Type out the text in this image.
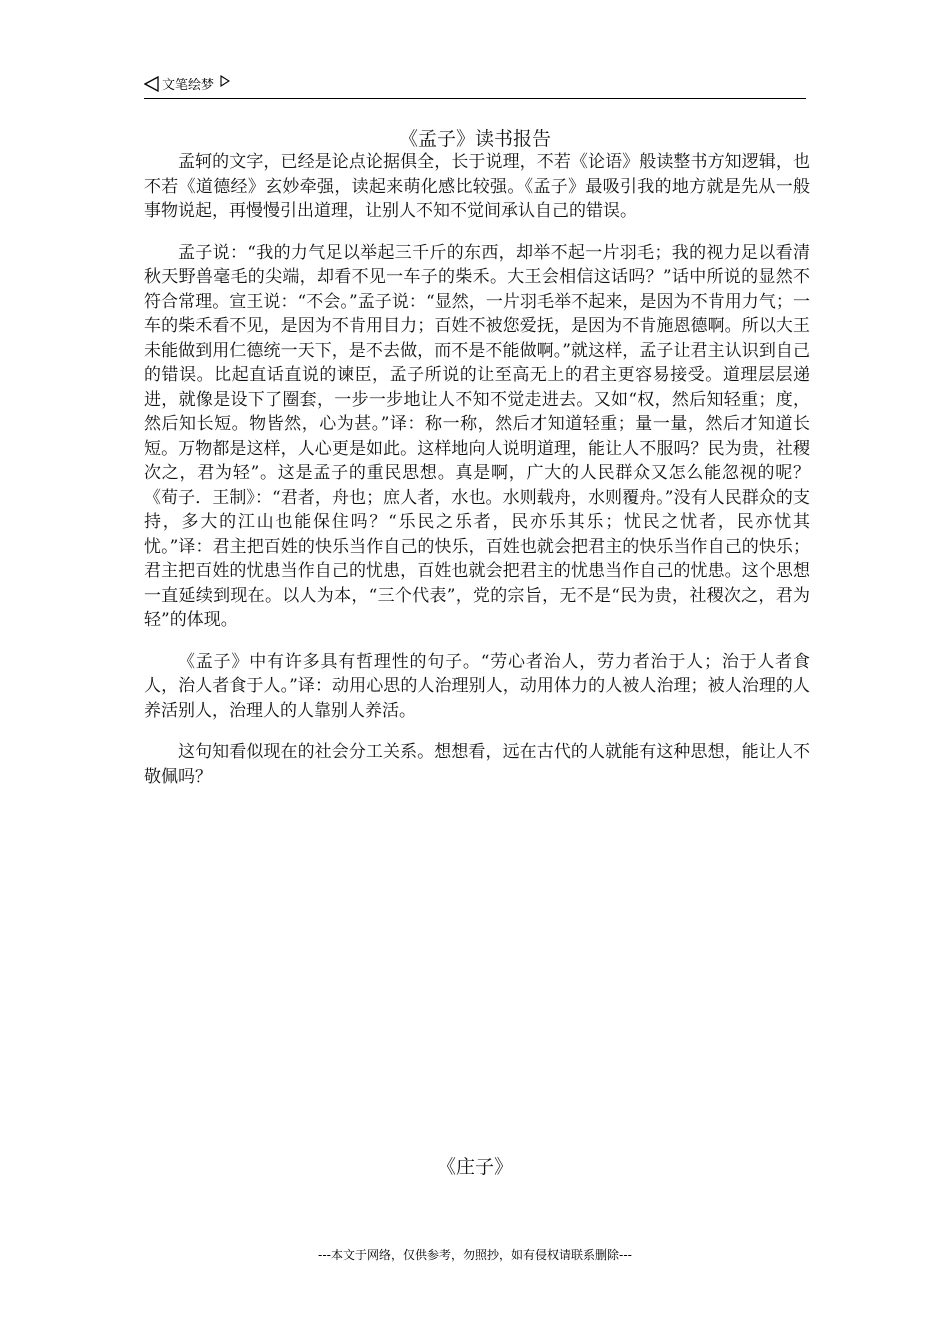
文笔绘梦
《孟子》读书报告

孟轲的文字，已经是论点论据俱全，长于说理，不若《论语》般读整书方知逻辑，也不若《道德经》玄妙牵强，读起来萌化感比较强。《孟子》最吸引我的地方就是先从一般事物说起，再慢慢引出道理，让别人不知不觉间承认自己的错误。

孟子说：“我的力气足以举起三千斤的东西，却举不起一片羽毛；我的视力足以看清秋天野兽毫毛的尖端，却看不见一车子的柴禾。大王会相信这话吗？”话中所说的显然不符合常理。宣王说：“不会。”孟子说：“显然，一片羽毛举不起来，是因为不肯用力气；一车的柴禾看不见，是因为不肯用目力；百姓不被您爱抚，是因为不肯施恩德啊。所以大王未能做到用仁德统一天下，是不去做，而不是不能做啊。”就这样，孟子让君主认识到自己的错误。比起直话直说的谏臣，孟子所说的让至高无上的君主更容易接受。道理层层递进，就像是设下了圈套，一步一步地让人不知不觉走进去。又如“权，然后知轻重；度，然后知长短。物皆然，心为甚。”译：称一称，然后才知道轻重；量一量，然后才知道长短。万物都是这样，人心更是如此。这样地向人说明道理，能让人不服吗？民为贵，社稷次之，君为轻”。这是孟子的重民思想。真是啊，广大的人民群众又怎么能忽视的呢？《荀子．王制》：“君者，舟也；庶人者，水也。水则载舟，水则覆舟。”没有人民群众的支持，多大的江山也能保住吗？“乐民之乐者，民亦乐其乐；忧民之忧者，民亦忧其忧。”译：君主把百姓的快乐当作自己的快乐，百姓也就会把君主的快乐当作自己的快乐；君主把百姓的忧患当作自己的忧患，百姓也就会把君主的忧患当作自己的忧患。这个思想一直延续到现在。以人为本，“三个代表”，党的宗旨，无不是“民为贵，社稷次之，君为轻”的体现。

《孟子》中有许多具有哲理性的句子。“劳心者治人，劳力者治于人；治于人者食人，治人者食于人。”译：动用心思的人治理别人，动用体力的人被人治理；被人治理的人养活别人，治理人的人靠别人养活。

这句知看似现在的社会分工关系。想想看，远在古代的人就能有这种思想，能让人不敬佩吗？

《庄子》
---本文于网络，仅供参考，勿照抄，如有侵权请联系删除---
